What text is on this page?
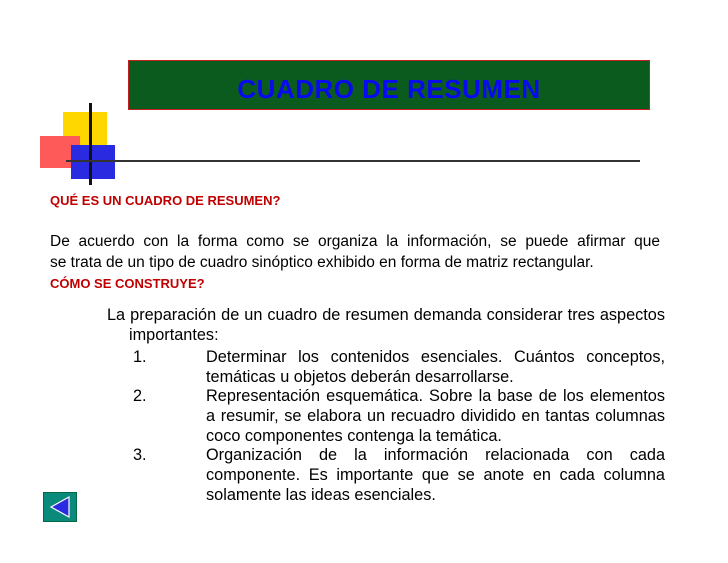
CUADRO DE RESUMEN
QUÉ ES UN CUADRO DE RESUMEN?
De acuerdo con la forma como se organiza la información, se puede afirmar que
se trata de un tipo de cuadro sinóptico exhibido en forma de matriz rectangular.
CÓMO SE CONSTRUYE?
La preparación de un cuadro de resumen demanda considerar tres aspectos
importantes:
1.	Determinar los contenidos esenciales. Cuántos conceptos,
temáticas u objetos deberán desarrollarse.
2.	Representación esquemática. Sobre la base de los elementos
a resumir, se elabora un recuadro dividido en tantas columnas
coco componentes contenga la temática.
3.	Organización de la información relacionada con cada
componente. Es importante que se anote en cada columna
solamente las ideas esenciales.
